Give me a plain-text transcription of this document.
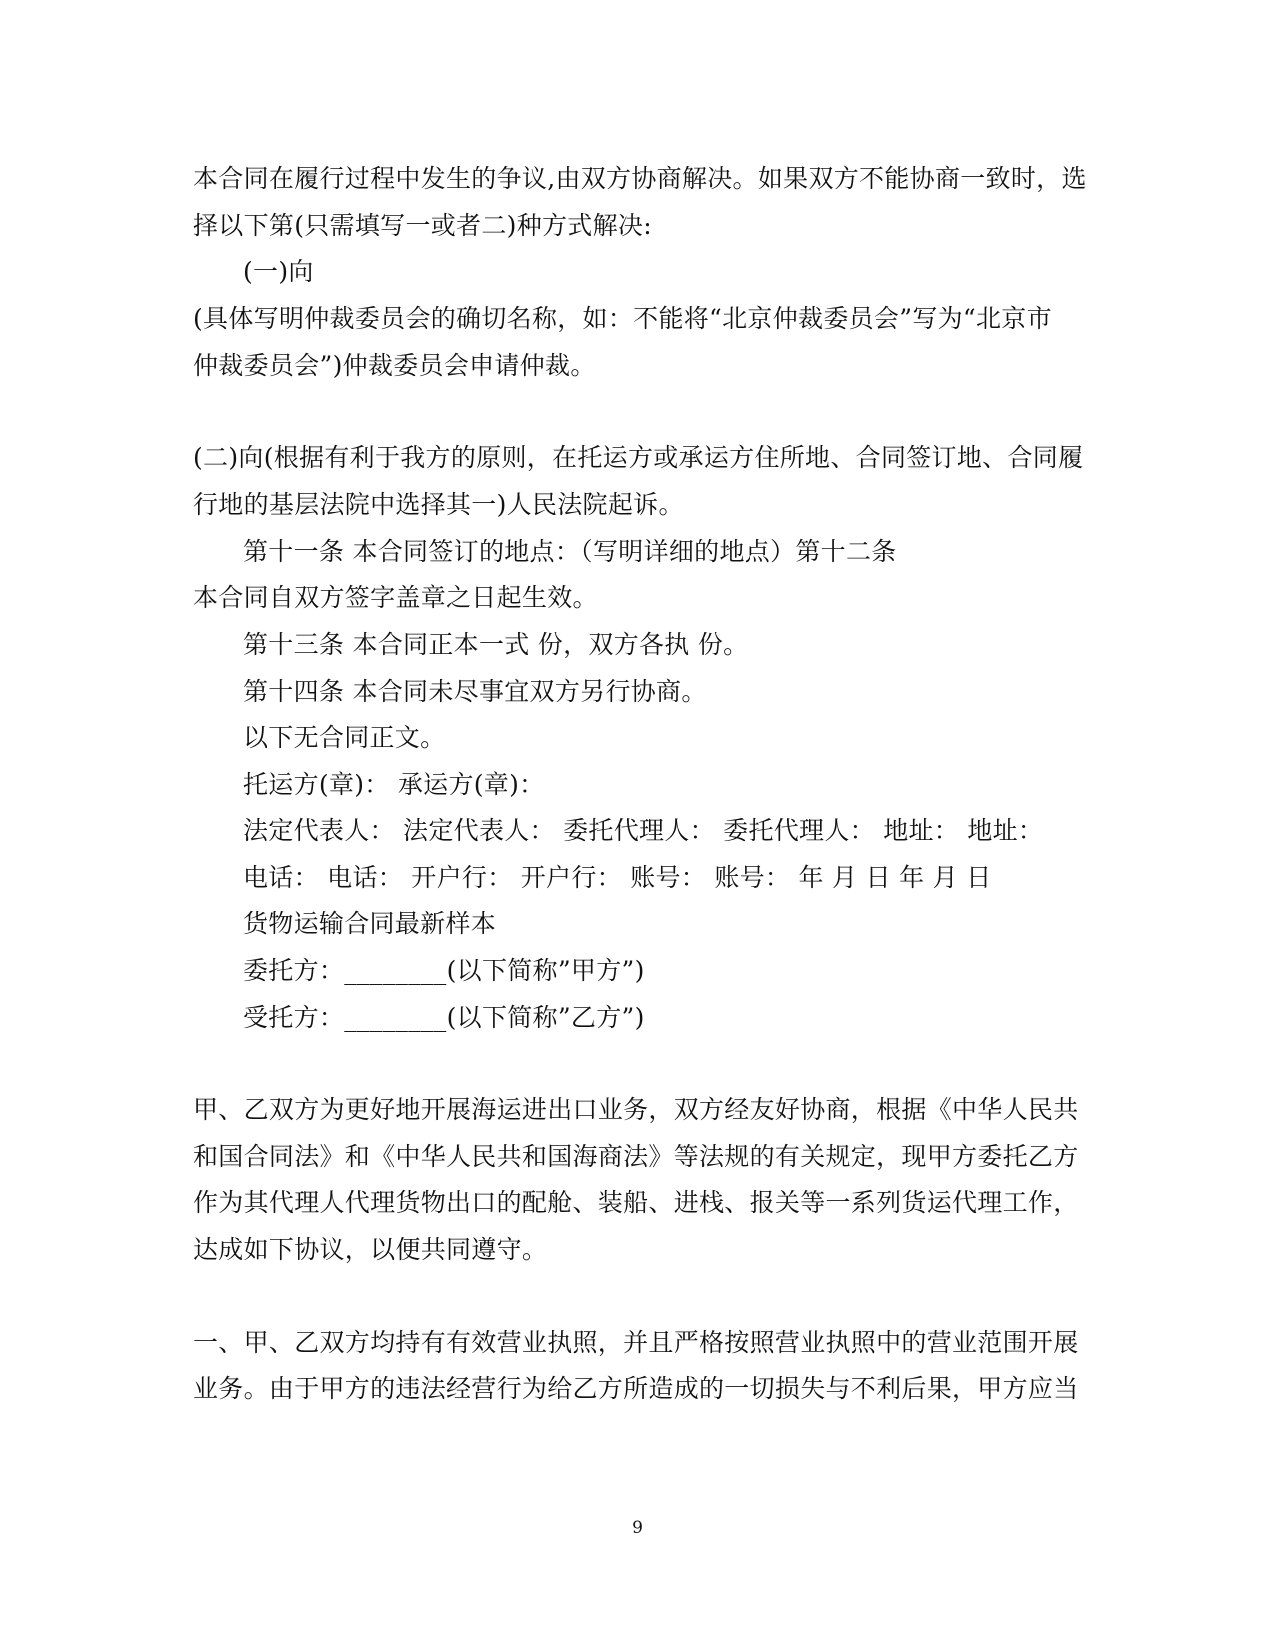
本合同在履行过程中发生的争议,由双方协商解决。如果双方不能协商一致时，选
择以下第(只需填写一或者二)种方式解决:
(一)向
(具体写明仲裁委员会的确切名称，如：不能将“北京仲裁委员会”写为“北京市
仲裁委员会”)仲裁委员会申请仲裁。
(二)向(根据有利于我方的原则，在托运方或承运方住所地、合同签订地、合同履
行地的基层法院中选择其一)人民法院起诉。
第十一条 本合同签订的地点：（写明详细的地点）第十二条
本合同自双方签字盖章之日起生效。
第十三条 本合同正本一式 份，双方各执 份。
第十四条 本合同未尽事宜双方另行协商。
以下无合同正文。
托运方(章)： 承运方(章)：
法定代表人： 法定代表人： 委托代理人： 委托代理人： 地址： 地址：
电话： 电话： 开户行： 开户行： 账号： 账号： 年 月 日 年 月 日
货物运输合同最新样本
委托方：________(以下简称”甲方”)
受托方：________(以下简称”乙方”)
甲、乙双方为更好地开展海运进出口业务，双方经友好协商，根据《中华人民共
和国合同法》和《中华人民共和国海商法》等法规的有关规定，现甲方委托乙方
作为其代理人代理货物出口的配舱、装船、进栈、报关等一系列货运代理工作，
达成如下协议，以便共同遵守。
一、甲、乙双方均持有有效营业执照，并且严格按照营业执照中的营业范围开展
业务。由于甲方的违法经营行为给乙方所造成的一切损失与不利后果，甲方应当
9
